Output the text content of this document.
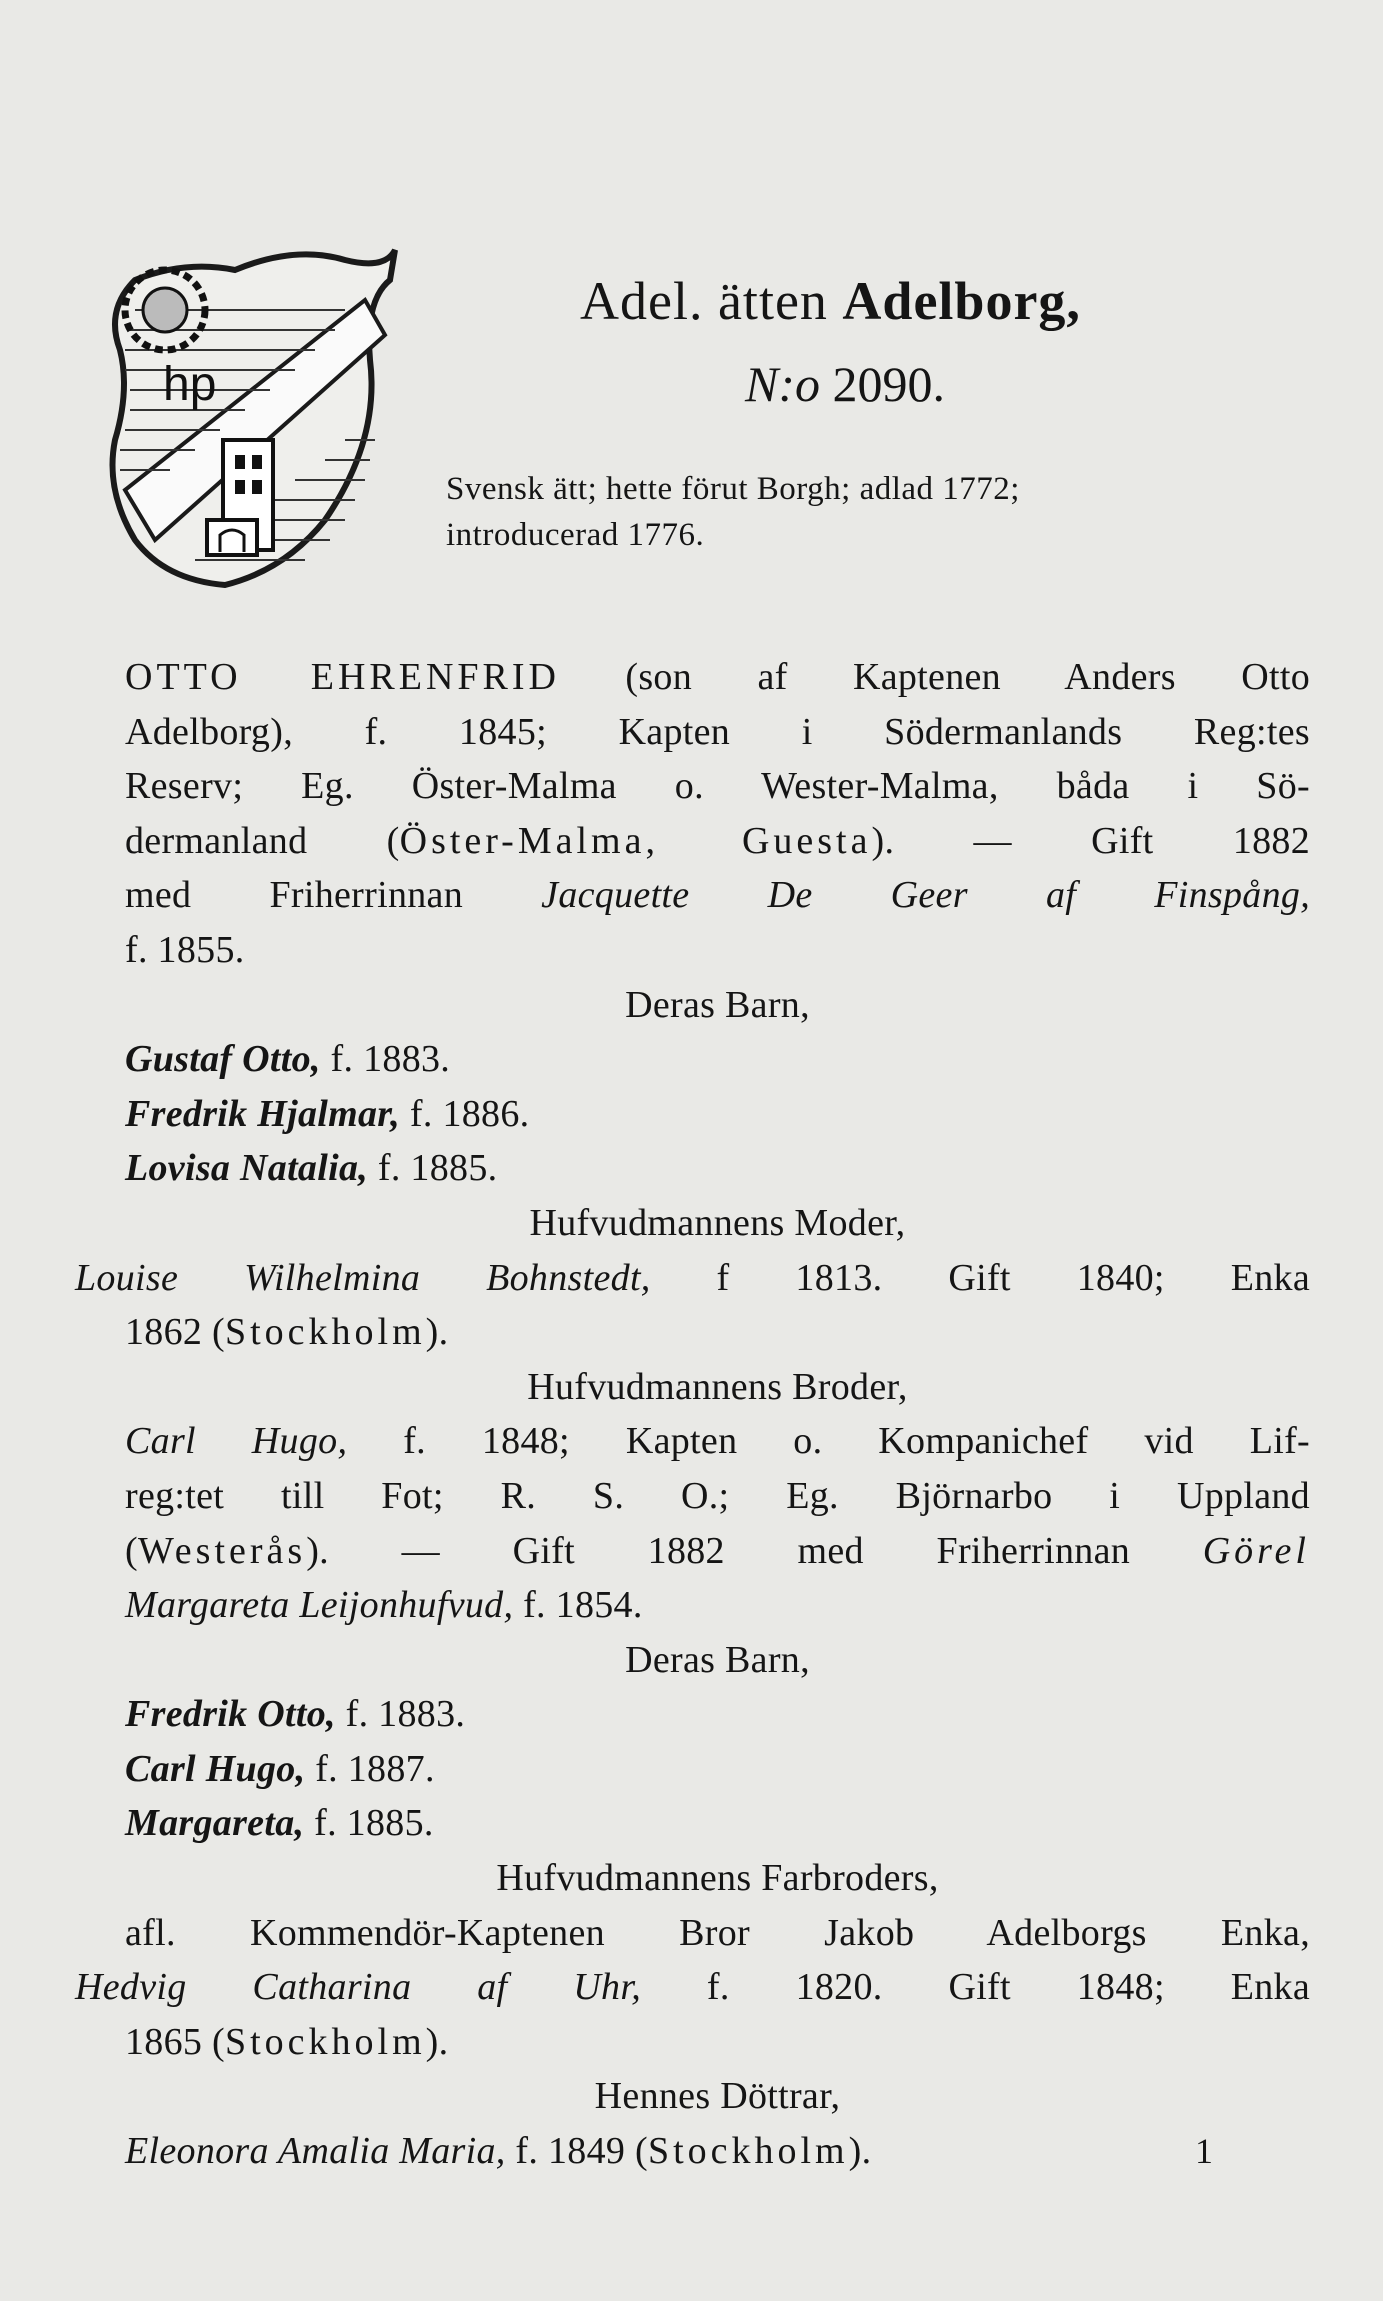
hp
Adel. ätten Adelborg,
N:o 2090.
Svensk ätt; hette förut Borgh; adlad 1772;
introducerad 1776.
OTTO EHRENFRID (son af Kaptenen Anders Otto
Adelborg), f. 1845; Kapten i Södermanlands Reg:tes
Reserv; Eg. Öster-Malma o. Wester-Malma, båda i Sö-
dermanland (Öster-Malma, Guesta). — Gift 1882
med Friherrinnan Jacquette De Geer af Finspång,
f. 1855.
Deras Barn,
Gustaf Otto, f. 1883.
Fredrik Hjalmar, f. 1886.
Lovisa Natalia, f. 1885.
Hufvudmannens Moder,
Louise Wilhelmina Bohnstedt, f 1813. Gift 1840; Enka
1862 (Stockholm).
Hufvudmannens Broder,
Carl Hugo, f. 1848; Kapten o. Kompanichef vid Lif-
reg:tet till Fot; R. S. O.; Eg. Björnarbo i Uppland
(Westerås). — Gift 1882 med Friherrinnan Görel
Margareta Leijonhufvud, f. 1854.
Deras Barn,
Fredrik Otto, f. 1883.
Carl Hugo, f. 1887.
Margareta, f. 1885.
Hufvudmannens Farbroders,
afl. Kommendör-Kaptenen Bror Jakob Adelborgs Enka,
Hedvig Catharina af Uhr, f. 1820. Gift 1848; Enka
1865 (Stockholm).
Hennes Döttrar,
Eleonora Amalia Maria, f. 1849 (Stockholm).	1
